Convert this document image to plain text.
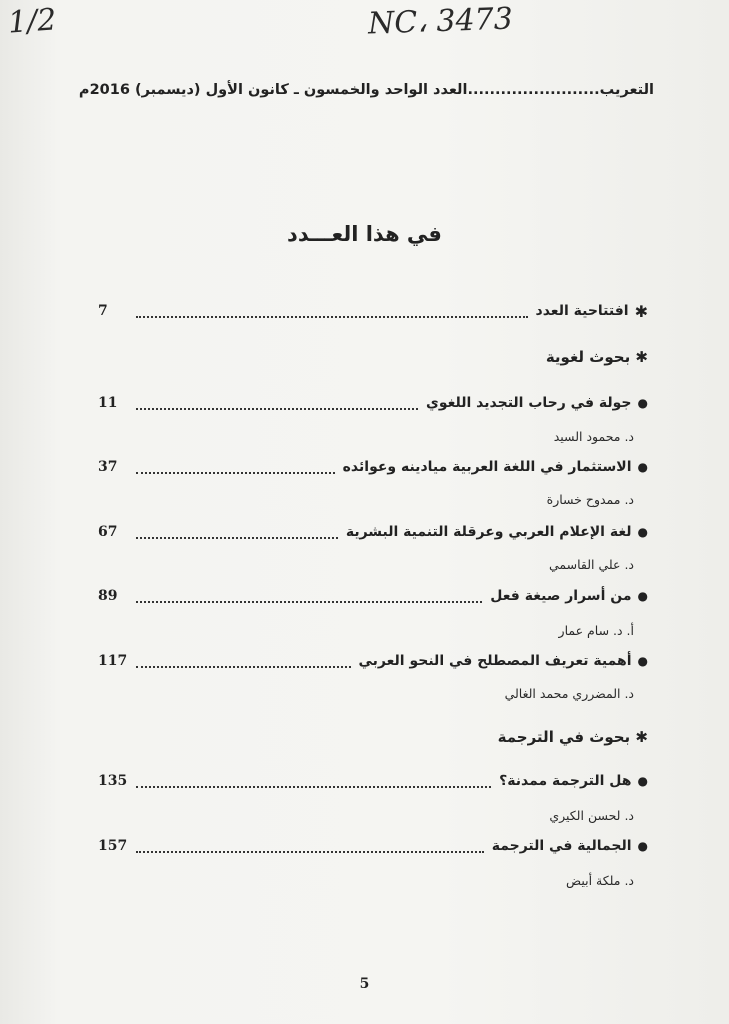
1/2	NC، 3473
التعريب........................العدد الواحد والخمسون ـ كانون الأول (ديسمبر) 2016م
في هذا العـــدد
✱
افتتاحية العدد
7
✱ بحوث لغوية
●
جولة في رحاب التجديد اللغوي
11
د. محمود السيد
●
الاستثمار في اللغة العربية ميادينه وعوائده
37
د. ممدوح خسارة
●
لغة الإعلام العربي وعرقلة التنمية البشرية
67
د. علي القاسمي
●
من أسرار صيغة فعل
89
أ. د. سام عمار
●
أهمية تعريف المصطلح في النحو العربي
117
د. المضرري محمد الغالي
✱ بحوث في الترجمة
●
هل الترجمة ممدنة؟
135
د. لحسن الكيري
●
الجمالية في الترجمة
157
د. ملكة أبيض
5
